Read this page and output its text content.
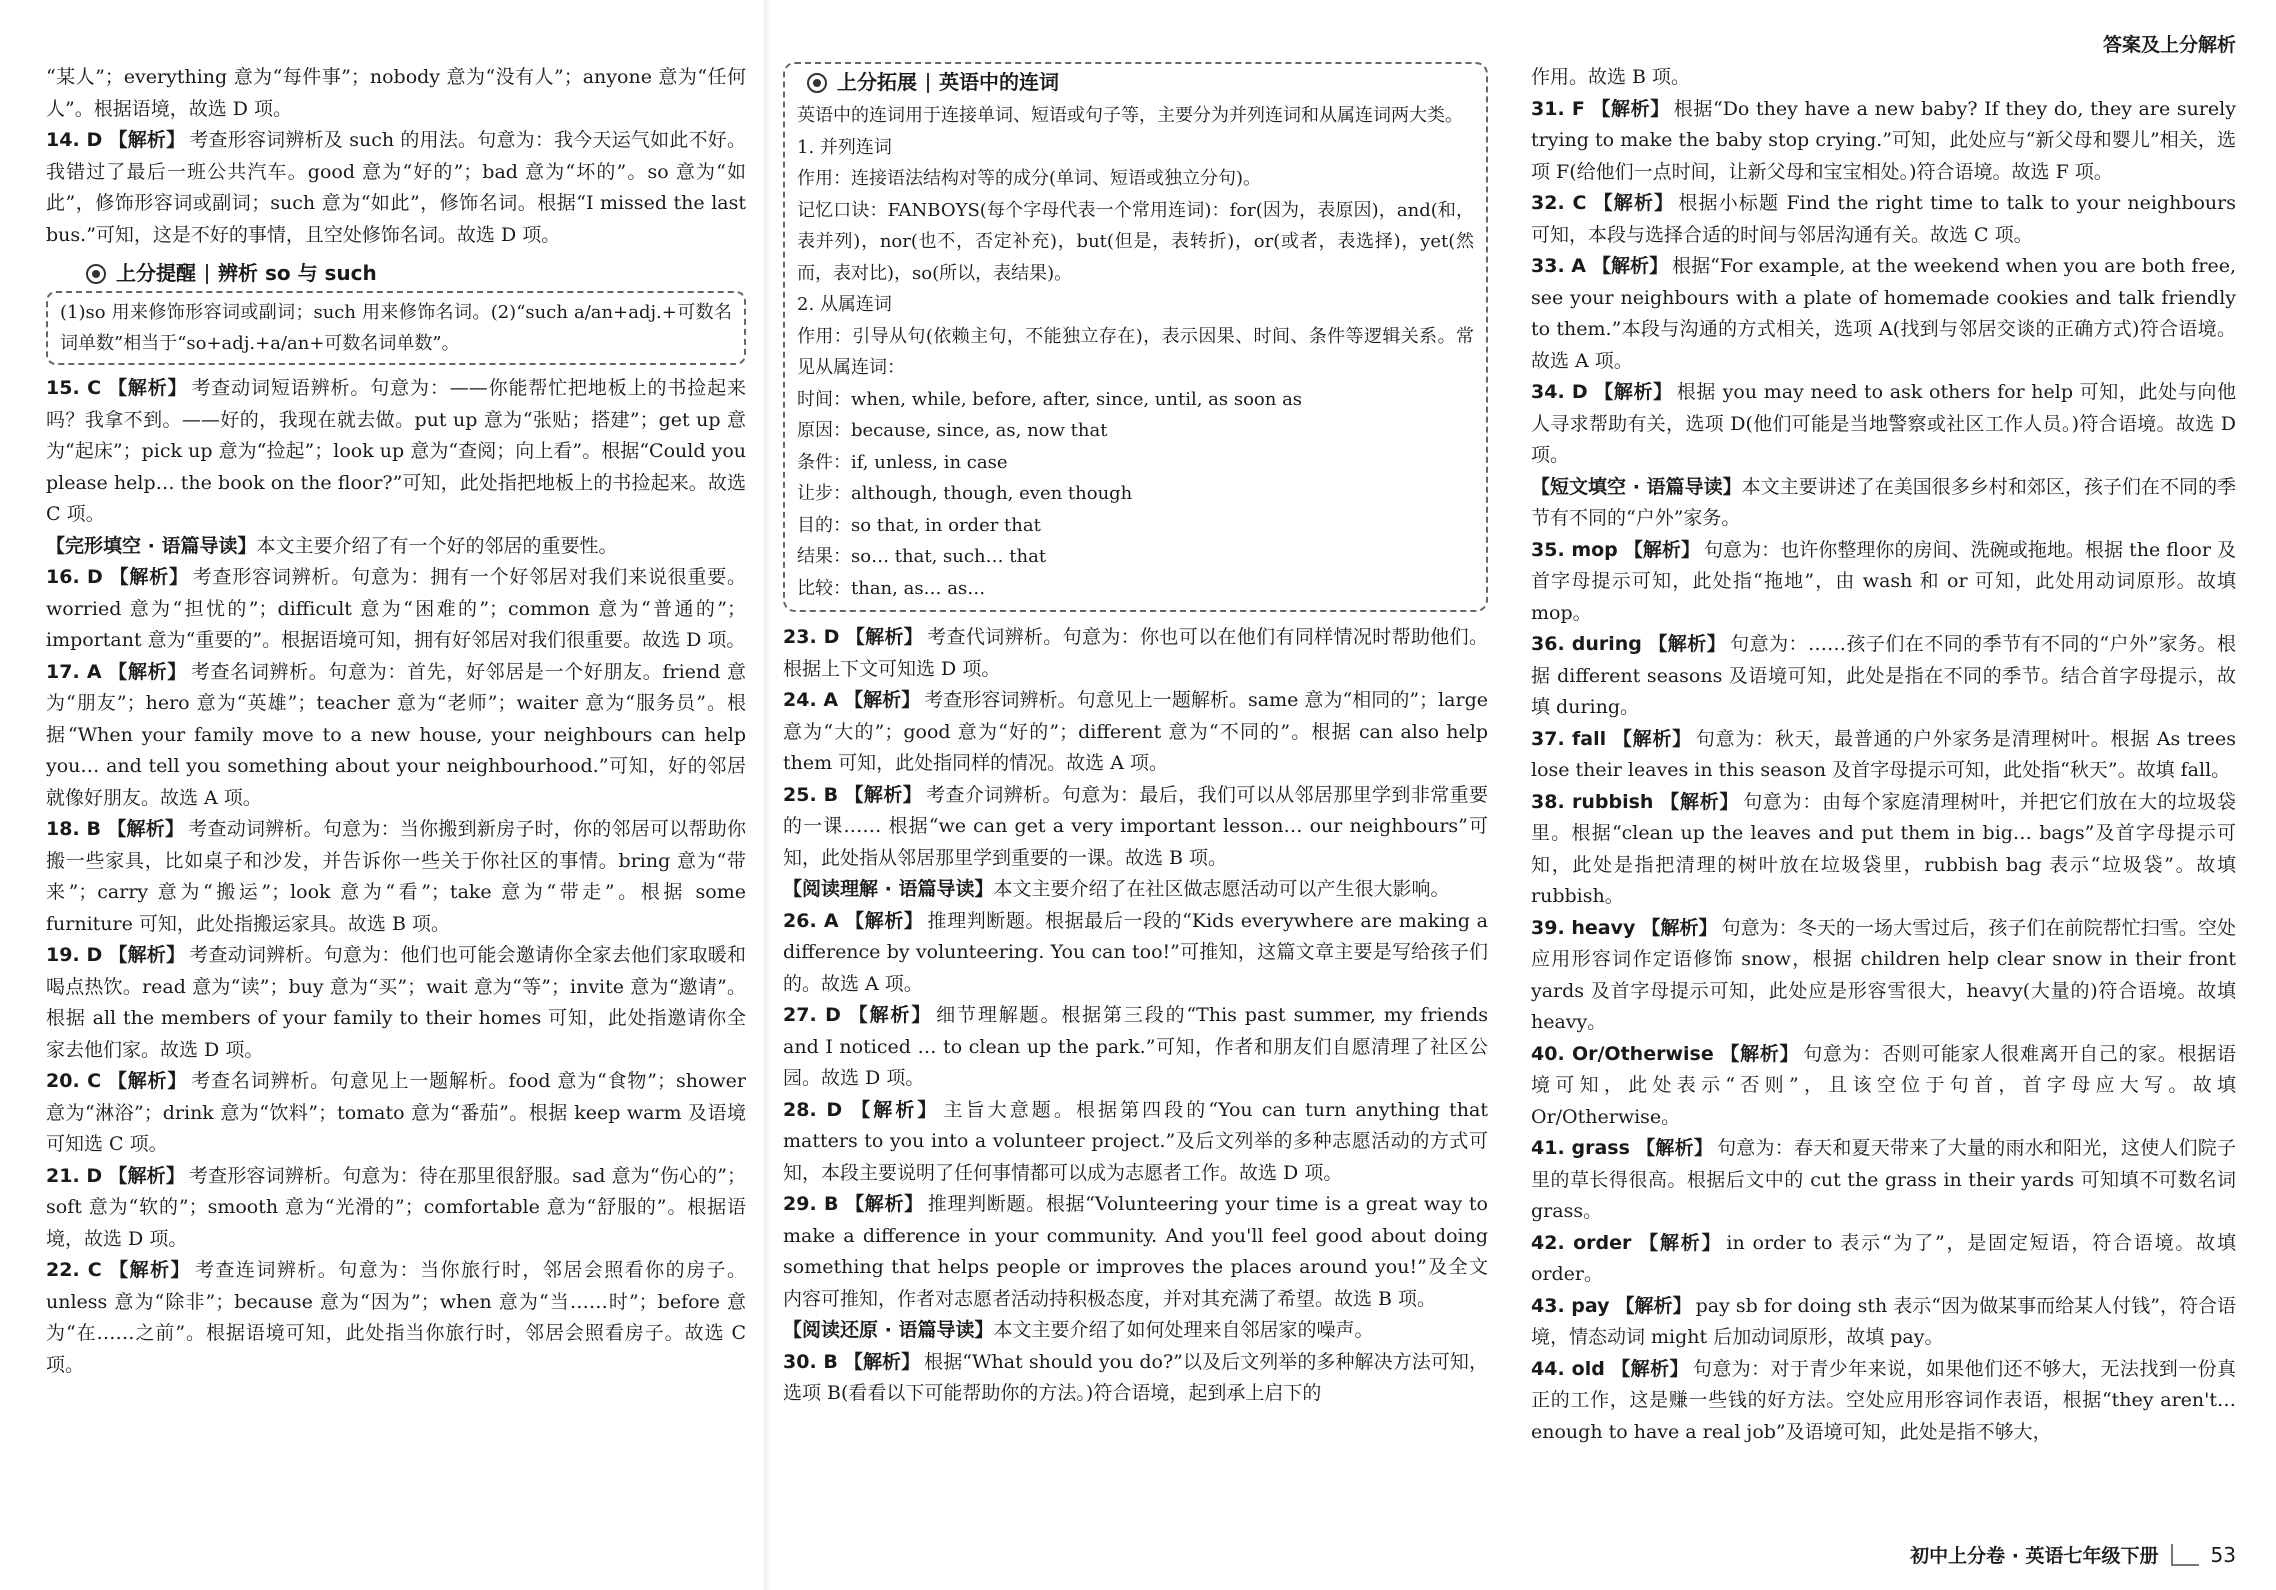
答案及上分解析

“某人”；everything 意为“每件事”；nobody 意为“没有人”；anyone 意为“任何人”。根据语境，故选 D 项。

14. D 【解析】 考查形容词辨析及 such 的用法。句意为：我今天运气如此不好。我错过了最后一班公共汽车。good 意为“好的”；bad 意为“坏的”。so 意为“如此”，修饰形容词或副词；such 意为“如此”，修饰名词。根据“I missed the last bus.”可知，这是不好的事情，且空处修饰名词。故选 D 项。

上分提醒 辨析 so 与 such
(1)so 用来修饰形容词或副词；such 用来修饰名词。(2)“such a/an+adj.+可数名词单数”相当于“so+adj.+a/an+可数名词单数”。

15. C 【解析】 考查动词短语辨析。句意为：——你能帮忙把地板上的书捡起来吗？我拿不到。——好的，我现在就去做。put up 意为“张贴；搭建”；get up 意为“起床”；pick up 意为“捡起”；look up 意为“查阅；向上看”。根据“Could you please help… the book on the floor?”可知，此处指把地板上的书捡起来。故选 C 项。

【完形填空 · 语篇导读】本文主要介绍了有一个好的邻居的重要性。

16. D 【解析】 考查形容词辨析。句意为：拥有一个好邻居对我们来说很重要。worried 意为“担忧的”；difficult 意为“困难的”；common 意为“普通的”；important 意为“重要的”。根据语境可知，拥有好邻居对我们很重要。故选 D 项。

17. A 【解析】 考查名词辨析。句意为：首先，好邻居是一个好朋友。friend 意为“朋友”；hero 意为“英雄”；teacher 意为“老师”；waiter 意为“服务员”。根据“When your family move to a new house, your neighbours can help you… and tell you something about your neighbourhood.”可知，好的邻居就像好朋友。故选 A 项。

18. B 【解析】 考查动词辨析。句意为：当你搬到新房子时，你的邻居可以帮助你搬一些家具，比如桌子和沙发，并告诉你一些关于你社区的事情。bring 意为“带来”；carry 意为“搬运”；look 意为“看”；take 意为“带走”。根据 some furniture 可知，此处指搬运家具。故选 B 项。

19. D 【解析】 考查动词辨析。句意为：他们也可能会邀请你全家去他们家取暖和喝点热饮。read 意为“读”；buy 意为“买”；wait 意为“等”；invite 意为“邀请”。根据 all the members of your family to their homes 可知，此处指邀请你全家去他们家。故选 D 项。

20. C 【解析】 考查名词辨析。句意见上一题解析。food 意为“食物”；shower 意为“淋浴”；drink 意为“饮料”；tomato 意为“番茄”。根据 keep warm 及语境可知选 C 项。

21. D 【解析】 考查形容词辨析。句意为：待在那里很舒服。sad 意为“伤心的”；soft 意为“软的”；smooth 意为“光滑的”；comfortable 意为“舒服的”。根据语境，故选 D 项。

22. C 【解析】 考查连词辨析。句意为：当你旅行时，邻居会照看你的房子。unless 意为“除非”；because 意为“因为”；when 意为“当……时”；before 意为“在……之前”。根据语境可知，此处指当你旅行时，邻居会照看房子。故选 C 项。

上分拓展 英语中的连词

英语中的连词用于连接单词、短语或句子等，主要分为并列连词和从属连词两大类。

1. 并列连词

作用：连接语法结构对等的成分(单词、短语或独立分句)。

记忆口诀：FANBOYS(每个字母代表一个常用连词)：for(因为，表原因)，and(和，表并列)，nor(也不，否定补充)，but(但是，表转折)，or(或者，表选择)，yet(然而，表对比)，so(所以，表结果)。

2. 从属连词

作用：引导从句(依赖主句，不能独立存在)，表示因果、时间、条件等逻辑关系。常见从属连词：

时间：when, while, before, after, since, until, as soon as

原因：because, since, as, now that

条件：if, unless, in case

让步：although, though, even though

目的：so that, in order that

结果：so… that, such… that

比较：than, as… as…

23. D 【解析】 考查代词辨析。句意为：你也可以在他们有同样情况时帮助他们。根据上下文可知选 D 项。

24. A 【解析】 考查形容词辨析。句意见上一题解析。same 意为“相同的”；large 意为“大的”；good 意为“好的”；different 意为“不同的”。根据 can also help them 可知，此处指同样的情况。故选 A 项。

25. B 【解析】 考查介词辨析。句意为：最后，我们可以从邻居那里学到非常重要的一课…… 根据“we can get a very important lesson… our neighbours”可知，此处指从邻居那里学到重要的一课。故选 B 项。

【阅读理解 · 语篇导读】本文主要介绍了在社区做志愿活动可以产生很大影响。

26. A 【解析】 推理判断题。根据最后一段的“Kids everywhere are making a difference by volunteering. You can too!”可推知，这篇文章主要是写给孩子们的。故选 A 项。

27. D 【解析】 细节理解题。根据第三段的“This past summer, my friends and I noticed … to clean up the park.”可知，作者和朋友们自愿清理了社区公园。故选 D 项。

28. D 【解析】 主旨大意题。根据第四段的“You can turn anything that matters to you into a volunteer project.”及后文列举的多种志愿活动的方式可知，本段主要说明了任何事情都可以成为志愿者工作。故选 D 项。

29. B 【解析】 推理判断题。根据“Volunteering your time is a great way to make a difference in your community. And you'll feel good about doing something that helps people or improves the places around you!”及全文内容可推知，作者对志愿者活动持积极态度，并对其充满了希望。故选 B 项。

【阅读还原 · 语篇导读】本文主要介绍了如何处理来自邻居家的噪声。

30. B 【解析】 根据“What should you do?”以及后文列举的多种解决方法可知，选项 B(看看以下可能帮助你的方法。)符合语境，起到承上启下的

作用。故选 B 项。

31. F 【解析】 根据“Do they have a new baby? If they do, they are surely trying to make the baby stop crying.”可知，此处应与“新父母和婴儿”相关，选项 F(给他们一点时间，让新父母和宝宝相处。)符合语境。故选 F 项。

32. C 【解析】 根据小标题 Find the right time to talk to your neighbours 可知，本段与选择合适的时间与邻居沟通有关。故选 C 项。

33. A 【解析】 根据“For example, at the weekend when you are both free, see your neighbours with a plate of homemade cookies and talk friendly to them.”本段与沟通的方式相关，选项 A(找到与邻居交谈的正确方式)符合语境。故选 A 项。

34. D 【解析】 根据 you may need to ask others for help 可知，此处与向他人寻求帮助有关，选项 D(他们可能是当地警察或社区工作人员。)符合语境。故选 D 项。

【短文填空 · 语篇导读】本文主要讲述了在美国很多乡村和郊区，孩子们在不同的季节有不同的“户外”家务。

35. mop 【解析】 句意为：也许你整理你的房间、洗碗或拖地。根据 the floor 及首字母提示可知，此处指“拖地”，由 wash 和 or 可知，此处用动词原形。故填 mop。

36. during 【解析】 句意为：……孩子们在不同的季节有不同的“户外”家务。根据 different seasons 及语境可知，此处是指在不同的季节。结合首字母提示，故填 during。

37. fall 【解析】 句意为：秋天，最普通的户外家务是清理树叶。根据 As trees lose their leaves in this season 及首字母提示可知，此处指“秋天”。故填 fall。

38. rubbish 【解析】 句意为：由每个家庭清理树叶，并把它们放在大的垃圾袋里。根据“clean up the leaves and put them in big… bags”及首字母提示可知，此处是指把清理的树叶放在垃圾袋里，rubbish bag 表示“垃圾袋”。故填 rubbish。

39. heavy 【解析】 句意为：冬天的一场大雪过后，孩子们在前院帮忙扫雪。空处应用形容词作定语修饰 snow，根据 children help clear snow in their front yards 及首字母提示可知，此处应是形容雪很大，heavy(大量的)符合语境。故填 heavy。

40. Or/Otherwise 【解析】 句意为：否则可能家人很难离开自己的家。根据语境可知，此处表示“否则”，且该空位于句首，首字母应大写。故填 Or/Otherwise。

41. grass 【解析】 句意为：春天和夏天带来了大量的雨水和阳光，这使人们院子里的草长得很高。根据后文中的 cut the grass in their yards 可知填不可数名词 grass。

42. order 【解析】 in order to 表示“为了”，是固定短语，符合语境。故填 order。

43. pay 【解析】 pay sb for doing sth 表示“因为做某事而给某人付钱”，符合语境，情态动词 might 后加动词原形，故填 pay。

44. old 【解析】 句意为：对于青少年来说，如果他们还不够大，无法找到一份真正的工作，这是赚一些钱的好方法。空处应用形容词作表语，根据“they aren't… enough to have a real job”及语境可知，此处是指不够大，

初中上分卷 · 英语七年级下册	53
